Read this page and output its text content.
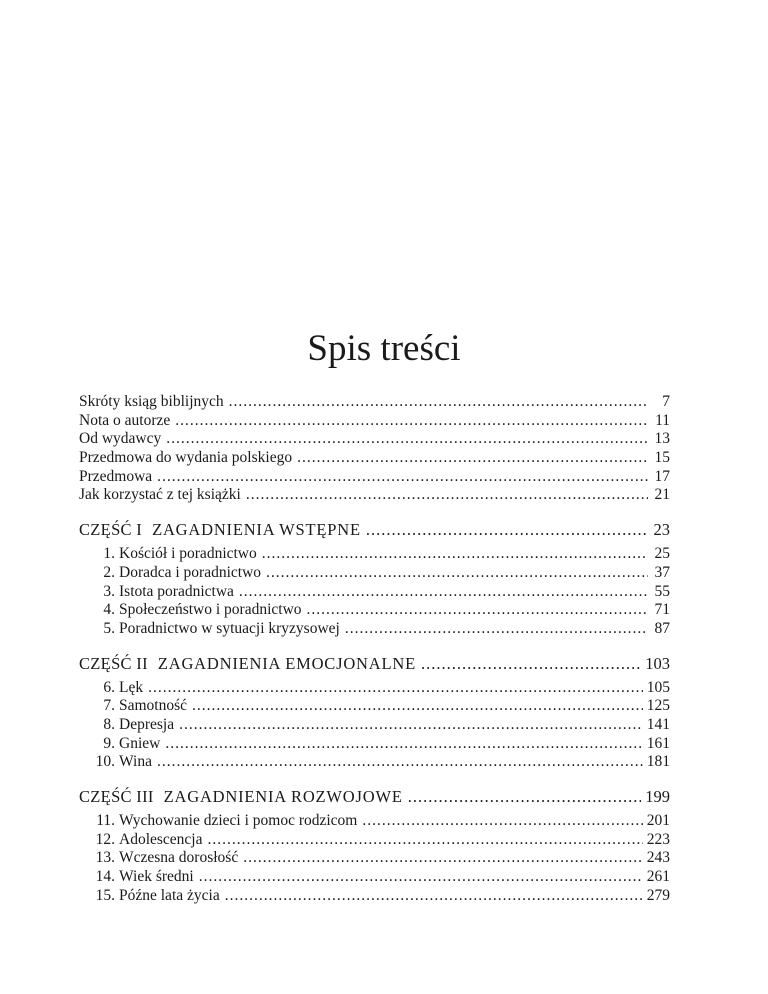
Spis treści
Skróty ksiąg biblijnych .....	7
Nota o autorze .....	11
Od wydawcy .....	13
Przedmowa do wydania polskiego .....	15
Przedmowa .....	17
Jak korzystać z tej książki .....	21
CZĘŚĆ I ZAGADNIENIA WSTĘPNE .....	23
1. Kościół i poradnictwo .....	25
2. Doradca i poradnictwo .....	37
3. Istota poradnictwa .....	55
4. Społeczeństwo i poradnictwo .....	71
5. Poradnictwo w sytuacji kryzysowej .....	87
CZĘŚĆ II ZAGADNIENIA EMOCJONALNE .....	103
6. Lęk .....	105
7. Samotność .....	125
8. Depresja .....	141
9. Gniew .....	161
10. Wina .....	181
CZĘŚĆ III ZAGADNIENIA ROZWOJOWE .....	199
11. Wychowanie dzieci i pomoc rodzicom .....	201
12. Adolescencja .....	223
13. Wczesna dorosłość .....	243
14. Wiek średni .....	261
15. Późne lata życia .....	279
